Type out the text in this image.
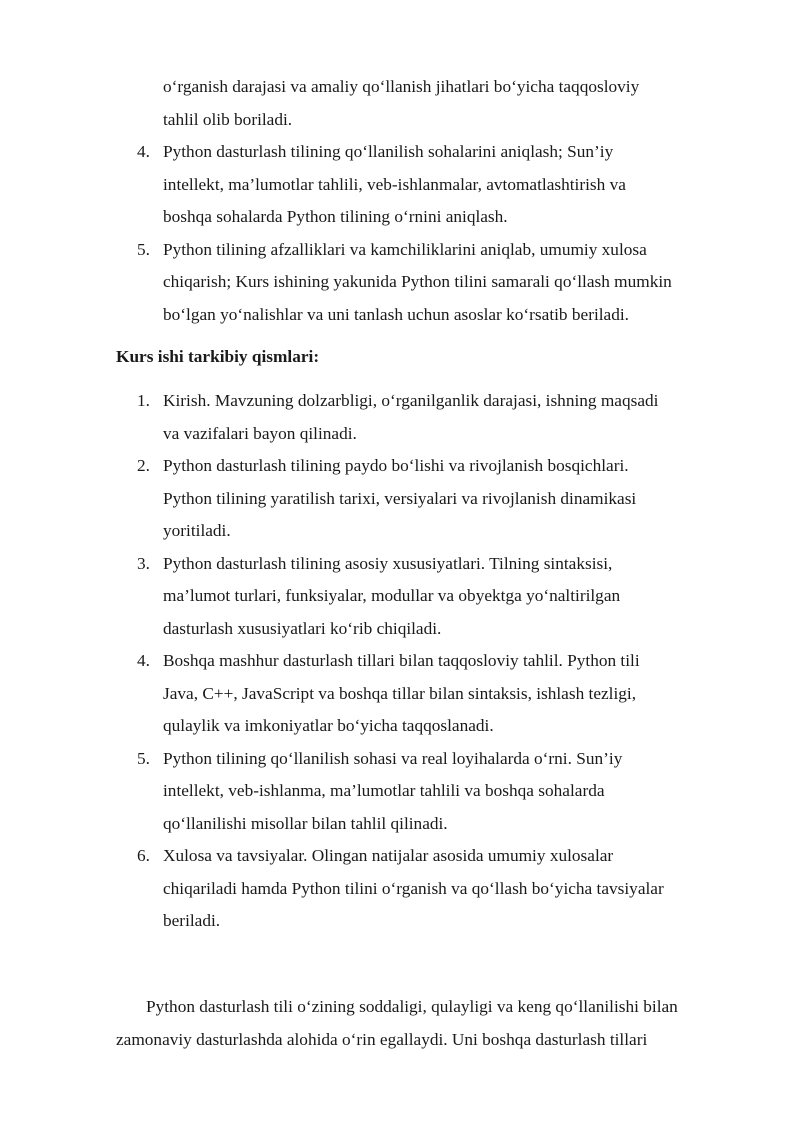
oʻrganish darajasi va amaliy qoʻllanish jihatlari boʻyicha taqqosloviy
tahlil olib boriladi.
4. Python dasturlash tilining qoʻllanilish sohalarini aniqlash; Sun’iy
intellekt, ma’lumotlar tahlili, veb-ishlanmalar, avtomatlashtirish va
boshqa sohalarda Python tilining oʻrnini aniqlash.
5. Python tilining afzalliklari va kamchiliklarini aniqlab, umumiy xulosa
chiqarish; Kurs ishining yakunida Python tilini samarali qoʻllash mumkin
boʻlgan yoʻnalishlar va uni tanlash uchun asoslar koʻrsatib beriladi.
Kurs ishi tarkibiy qismlari:
1. Kirish. Mavzuning dolzarbligi, oʻrganilganlik darajasi, ishning maqsadi
va vazifalari bayon qilinadi.
2. Python dasturlash tilining paydo boʻlishi va rivojlanish bosqichlari.
Python tilining yaratilish tarixi, versiyalari va rivojlanish dinamikasi
yoritiladi.
3. Python dasturlash tilining asosiy xususiyatlari. Tilning sintaksisi,
ma’lumot turlari, funksiyalar, modullar va obyektga yoʻnaltirilgan
dasturlash xususiyatlari koʻrib chiqiladi.
4. Boshqa mashhur dasturlash tillari bilan taqqosloviy tahlil. Python tili
Java, C++, JavaScript va boshqa tillar bilan sintaksis, ishlash tezligi,
qulaylik va imkoniyatlar boʻyicha taqqoslanadi.
5. Python tilining qoʻllanilish sohasi va real loyihalarda oʻrni. Sun’iy
intellekt, veb-ishlanma, ma’lumotlar tahlili va boshqa sohalarda
qoʻllanilishi misollar bilan tahlil qilinadi.
6. Xulosa va tavsiyalar. Olingan natijalar asosida umumiy xulosalar
chiqariladi hamda Python tilini oʻrganish va qoʻllash boʻyicha tavsiyalar
beriladi.

Python dasturlash tili oʻzining soddaligi, qulayligi va keng qoʻllanilishi bilan zamonaviy dasturlashda alohida oʻrin egallaydi. Uni boshqa dasturlash tillari
